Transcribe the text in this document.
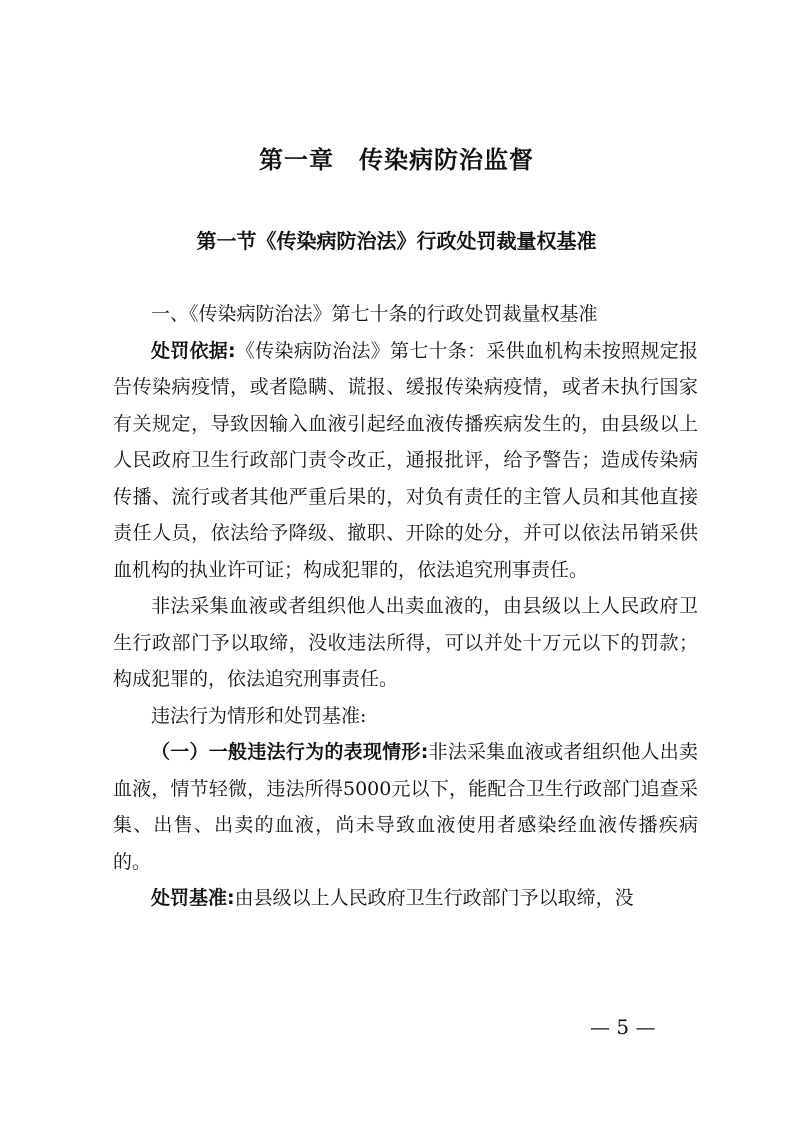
第一章　传染病防治监督
第一节《传染病防治法》行政处罚裁量权基准

一、《传染病防治法》第七十条的行政处罚裁量权基准

处罚依据:《传染病防治法》第七十条：采供血机构未按照规定报告传染病疫情，或者隐瞒、谎报、缓报传染病疫情，或者未执行国家有关规定，导致因输入血液引起经血液传播疾病发生的，由县级以上人民政府卫生行政部门责令改正，通报批评，给予警告；造成传染病传播、流行或者其他严重后果的，对负有责任的主管人员和其他直接责任人员，依法给予降级、撤职、开除的处分，并可以依法吊销采供血机构的执业许可证；构成犯罪的，依法追究刑事责任。

非法采集血液或者组织他人出卖血液的，由县级以上人民政府卫生行政部门予以取缔，没收违法所得，可以并处十万元以下的罚款；构成犯罪的，依法追究刑事责任。

违法行为情形和处罚基准:

（一）一般违法行为的表现情形:非法采集血液或者组织他人出卖血液，情节轻微，违法所得5000元以下，能配合卫生行政部门追查采集、出售、出卖的血液，尚未导致血液使用者感染经血液传播疾病的。

处罚基准:由县级以上人民政府卫生行政部门予以取缔，没

— 5 —
